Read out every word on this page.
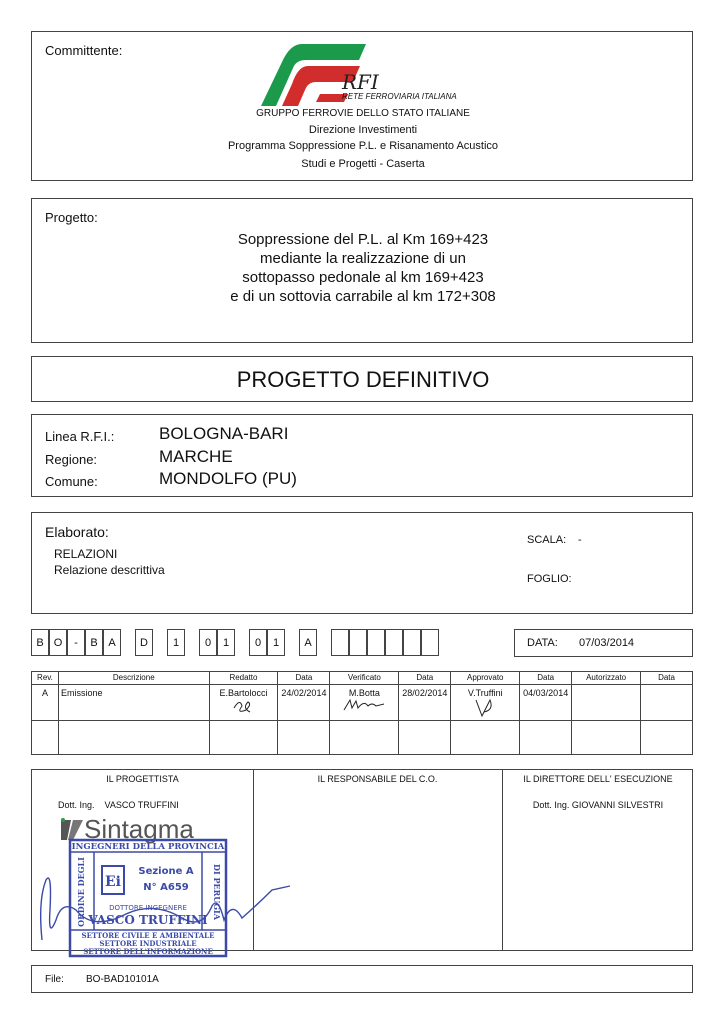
Committente:
RFI
RETE FERROVIARIA ITALIANA
GRUPPO FERROVIE DELLO STATO ITALIANE
Direzione Investimenti
Programma Soppressione P.L. e Risanamento Acustico
Studi e Progetti - Caserta
Progetto:
Soppressione del P.L. al Km 169+423
mediante la realizzazione di un
sottopasso pedonale al km 169+423
e di un sottovia carrabile al km 172+308
PROGETTO DEFINITIVO
Linea R.F.I.:	BOLOGNA-BARI
Regione:	MARCHE
Comune:	MONDOLFO (PU)
Elaborato:
RELAZIONI
Relazione descrittiva
SCALA: -
FOGLIO:
B O	-	B A	D	1	0	1	0	1	A	DATA: 07/03/2014
Rev.	Descrizione	Redatto	Data	Verificato	Data	Approvato	Data	Autorizzato	Data
A	Emissione	E.Bartolocci	24/02/2014	M.Botta	28/02/2014	V.Truffini	04/03/2014		

IL PROGETTISTA
Dott. Ing.    VASCO TRUFFINI
Sintagma
INGEGNERI DELLA PROVINCIA
ORDINE DEGLI	DI PERUGIA
Ei
Sezione A
N° A659
DOTTORE INGEGNERE
VASCO TRUFFINI
SETTORE CIVILE E AMBIENTALE
SETTORE INDUSTRIALE
SETTORE DELL'INFORMAZIONE
IL RESPONSABILE DEL C.O.	IL DIRETTORE DELL' ESECUZIONE
Dott. Ing. GIOVANNI SILVESTRI
File: BO-BAD10101A
